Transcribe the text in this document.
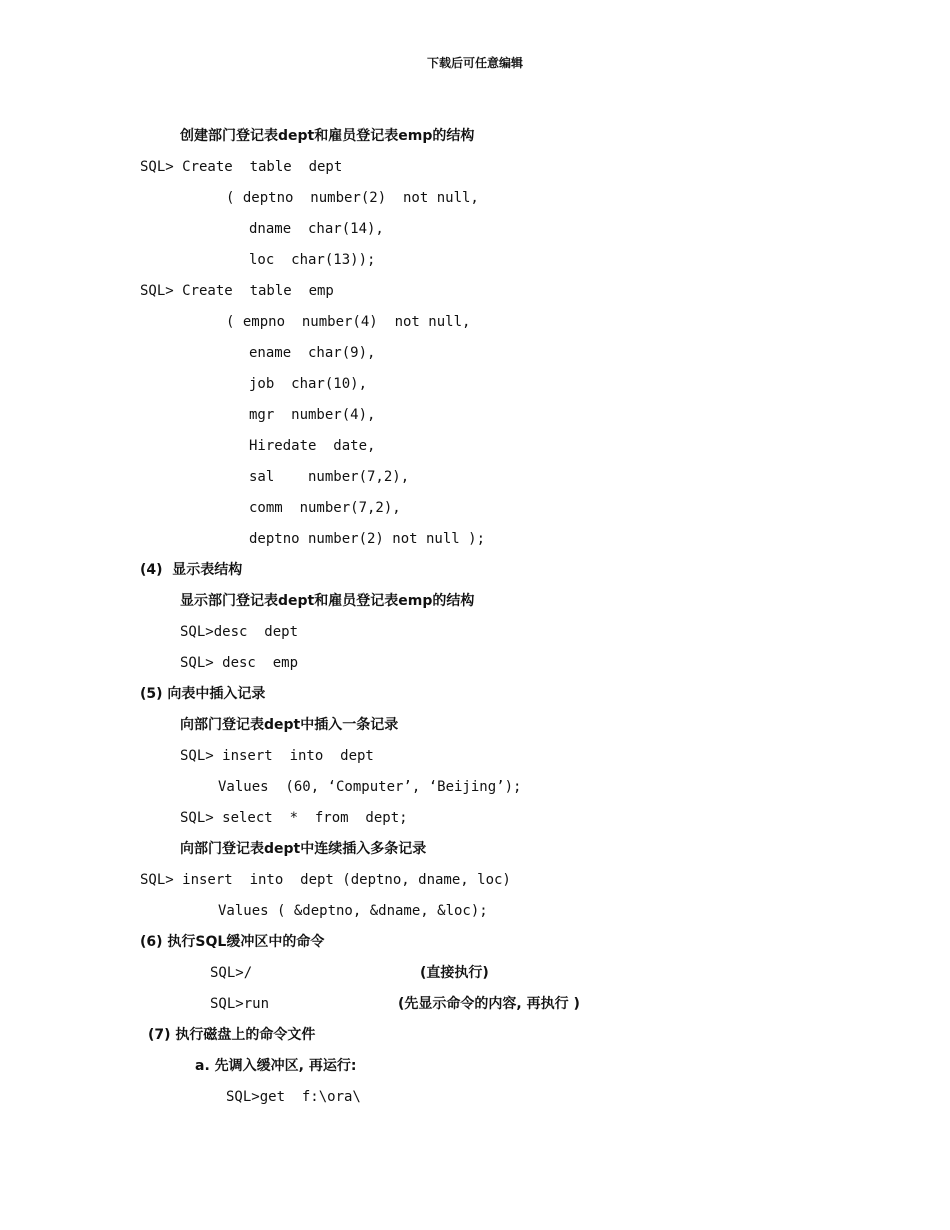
下载后可任意编辑
创建部门登记表dept和雇员登记表emp的结构
SQL> Create  table  dept
( deptno  number(2)  not null,
dname  char(14),
loc  char(13));
SQL> Create  table  emp
( empno  number(4)  not null,
ename  char(9),
job  char(10),
mgr  number(4),
Hiredate  date,
sal    number(7,2),
comm  number(7,2),
deptno number(2) not null );
(4)  显示表结构
显示部门登记表dept和雇员登记表emp的结构
SQL>desc  dept
SQL> desc  emp
(5) 向表中插入记录
向部门登记表dept中插入一条记录
SQL> insert  into  dept
Values  (60, ‘Computer’, ‘Beijing’);
SQL> select  *  from  dept;
向部门登记表dept中连续插入多条记录
SQL> insert  into  dept (deptno, dname, loc)
Values ( &deptno, &dname, &loc);
(6) 执行SQL缓冲区中的命令
SQL>/	(直接执行)
SQL>run	(先显示命令的内容, 再执行 )
(7) 执行磁盘上的命令文件
a. 先调入缓冲区, 再运行:
SQL>get  f:\ora\
